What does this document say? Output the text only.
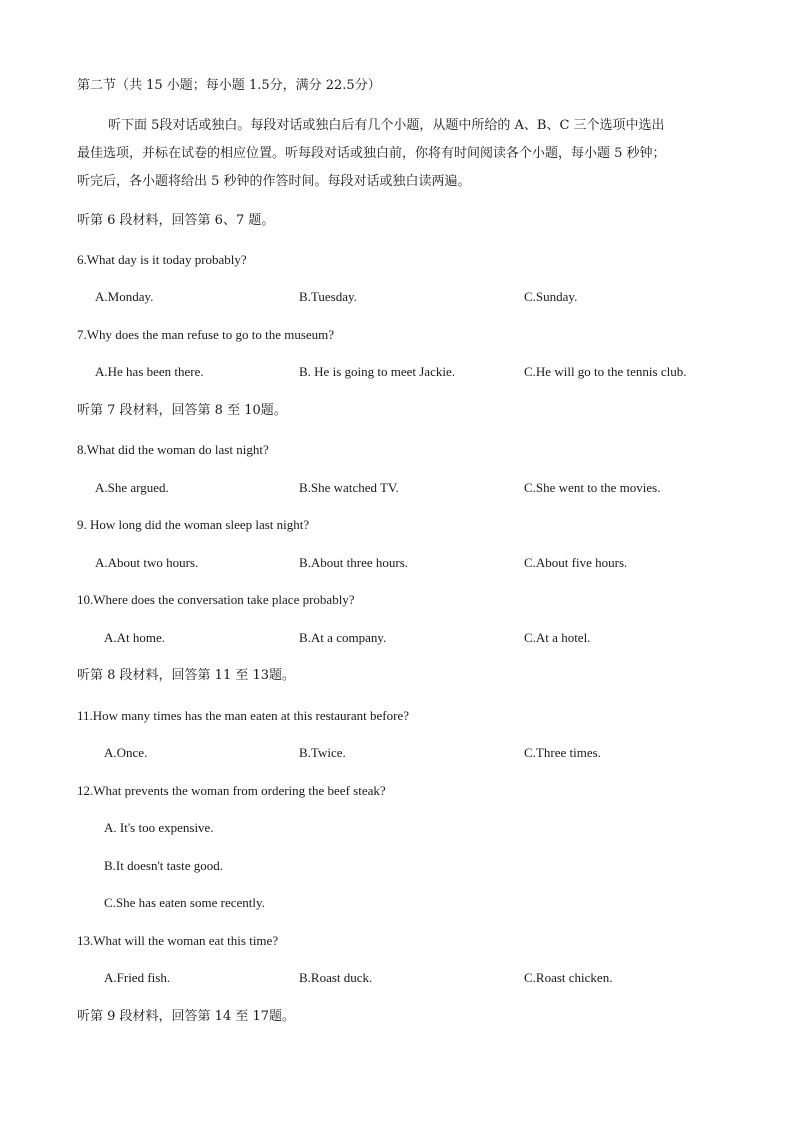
第二节（共 15 小题；每小题 1.5分，满分 22.5分）
听下面 5段对话或独白。每段对话或独白后有几个小题，从题中所给的 A、B、C 三个选项中选出
最佳选项，并标在试卷的相应位置。听每段对话或独白前，你将有时间阅读各个小题，每小题 5 秒钟；
听完后，各小题将给出 5 秒钟的作答时间。每段对话或独白读两遍。
听第 6 段材料，回答第 6、7 题。
6.What day is it today probably?
A.Monday.	B.Tuesday.	C.Sunday.
7.Why does the man refuse to go to the museum?
A.He has been there.	B. He is going to meet Jackie.	C.He will go to the tennis club.
听第 7 段材料，回答第 8 至 10题。
8.What did the woman do last night?
A.She argued.	B.She watched TV.	C.She went to the movies.
9. How long did the woman sleep last night?
A.About two hours.	B.About three hours.	C.About five hours.
10.Where does the conversation take place probably?
A.At home.	B.At a company.	C.At a hotel.
听第 8 段材料，回答第 11 至 13题。
11.How many times has the man eaten at this restaurant before?
A.Once.	B.Twice.	C.Three times.
12.What prevents the woman from ordering the beef steak?
A. It's too expensive.
B.It doesn't taste good.
C.She has eaten some recently.
13.What will the woman eat this time?
A.Fried fish.	B.Roast duck.	C.Roast chicken.
听第 9 段材料，回答第 14 至 17题。
